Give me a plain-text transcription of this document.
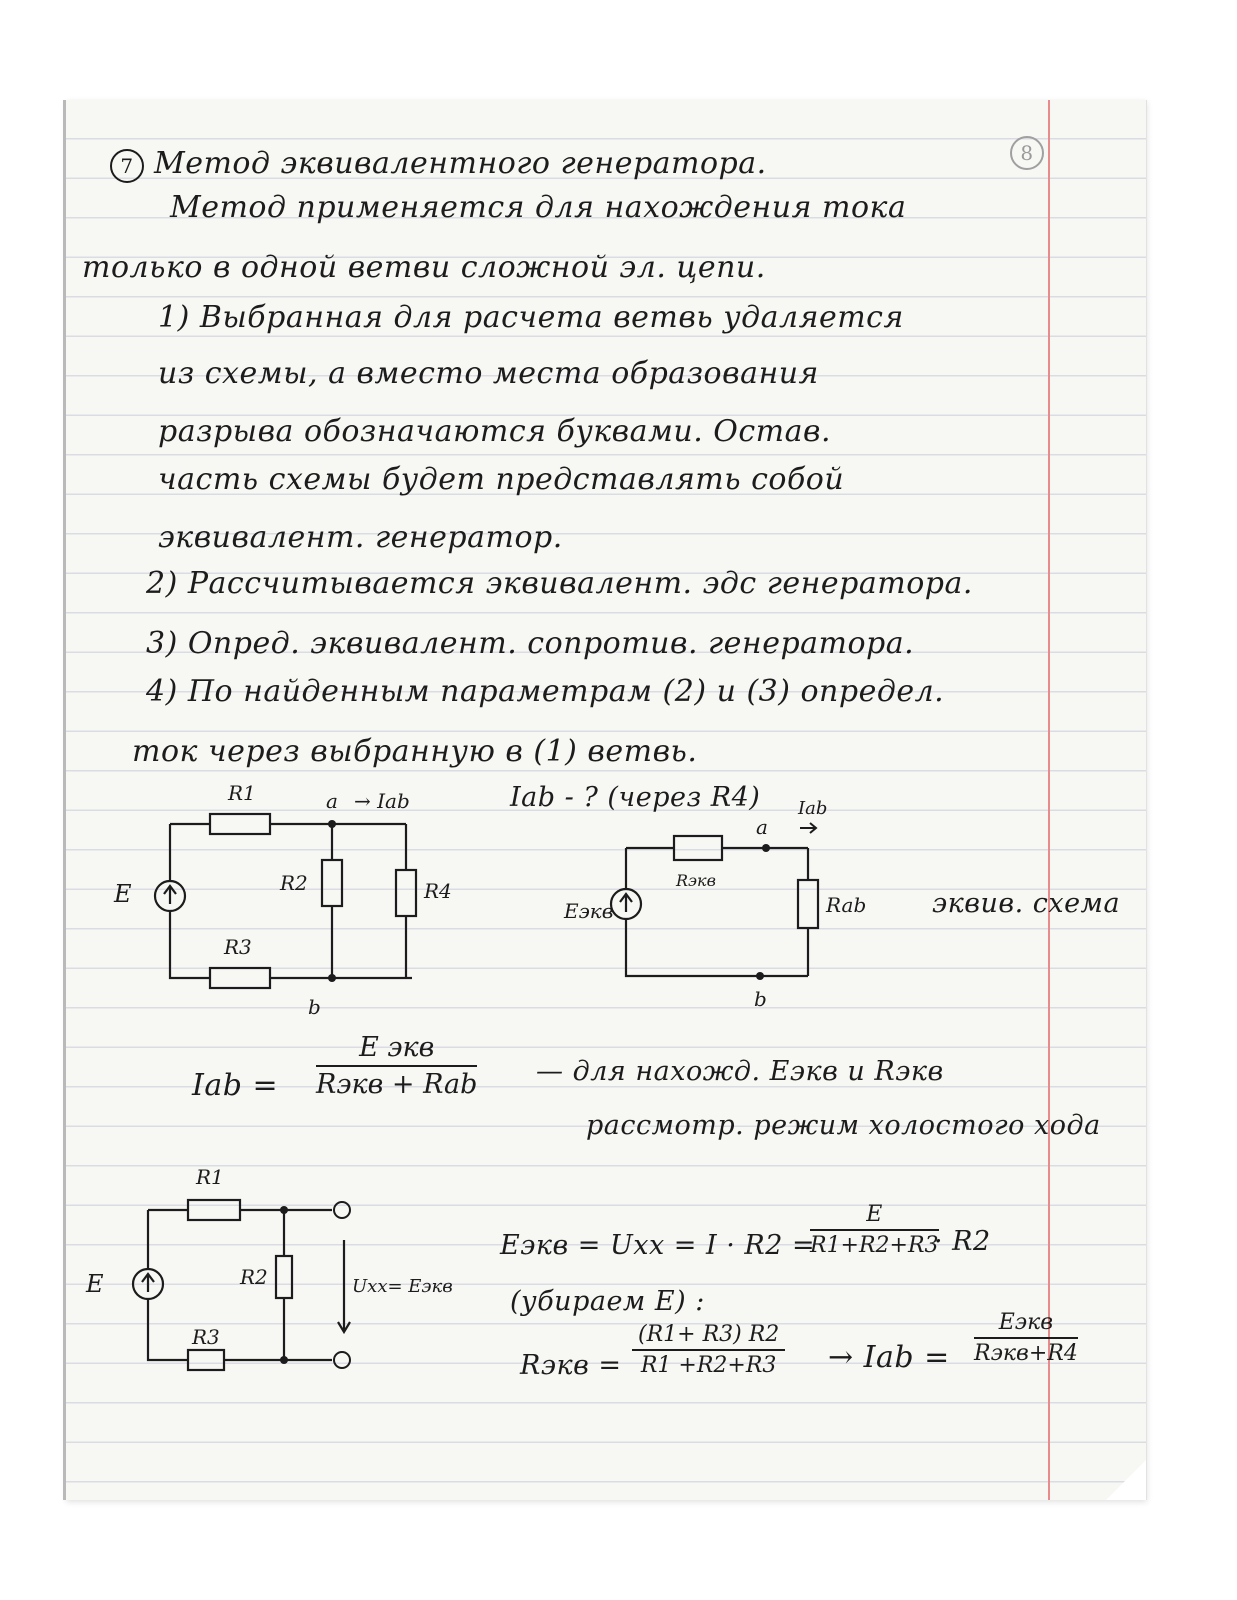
7 Метод эквивалентного генератора.	8
Метод применяется для нахождения тока
только в одной ветви сложной эл. цепи.
1) Выбранная для расчета ветвь удаляется
из схемы, а вместо места образования
разрыва обозначаются буквами. Остав.
часть схемы будет представлять собой
эквивалент. генератор.
2) Рассчитывается эквивалент. эдс генератора.
3) Опред. эквивалент. сопротив. генератора.
4) По найденным параметрам (2) и (3) определ.
ток через выбранную в (1) ветвь.
R1
R2
R3
R4
E
a → Iab
b
Iab - ? (через R4)
Rэкв
Rab
Eэкв
a
Iab
b
эквив. схема
Iab =
E экв
Rэкв + Rab — для нахожд. Eэкв и Rэкв
рассмотр. режим холостого хода
R1
R2
R3
E	Uxx= Eэкв
Eэкв = Uxx = I · R2 =
$\frac{E}{R1+R2+R3}$
· R2
(убираем E) :
Rэкв = $\frac{(R1+ R3) R2}{R1 +R2+R3}$ → Iab =
Eэкв
Rэкв+R4
